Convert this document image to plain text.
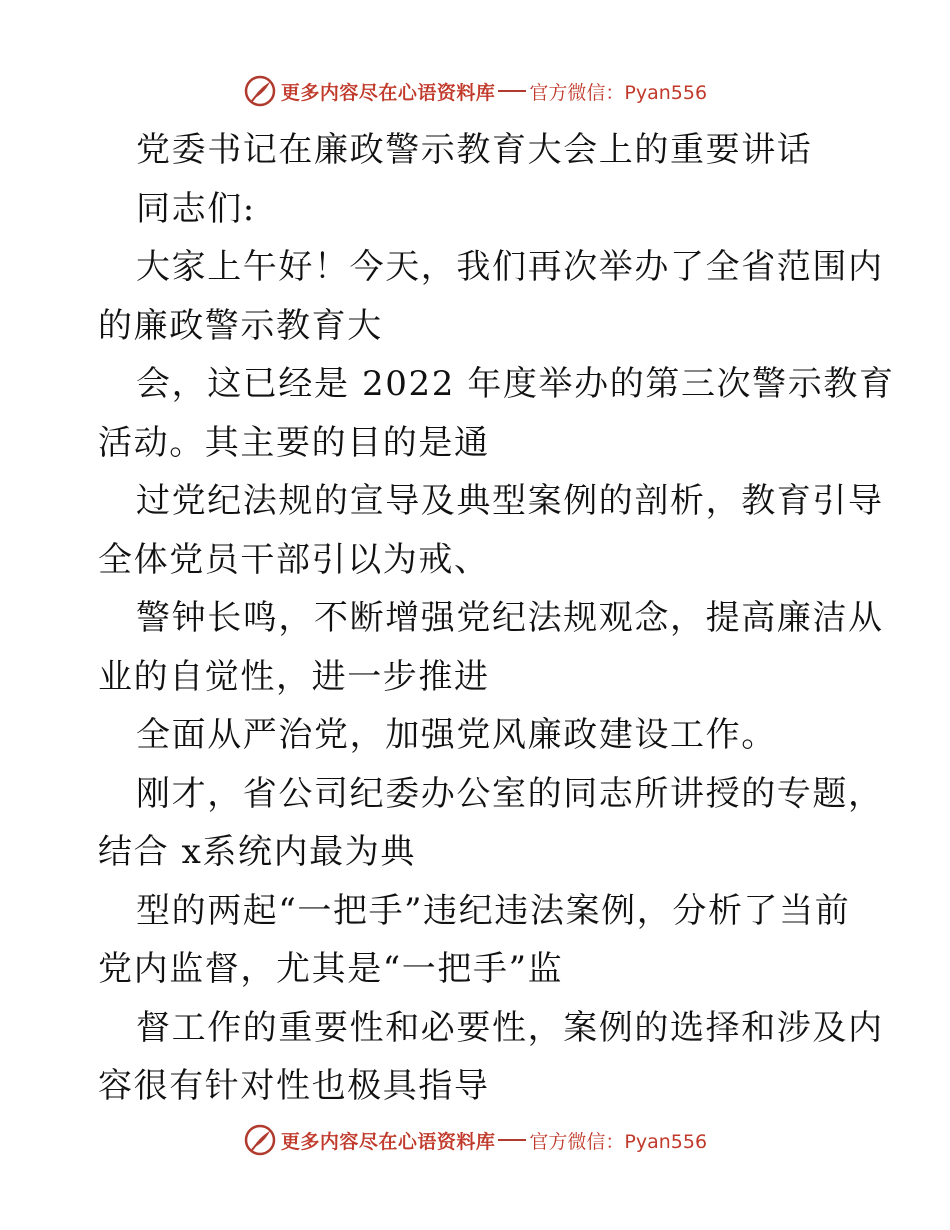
更多内容尽在心语资料库 官方微信：Pyan556
党委书记在廉政警示教育大会上的重要讲话
同志们:
大家上午好！今天，我们再次举办了全省范围内
的廉政警示教育大
会，这已经是 2022 年度举办的第三次警示教育
活动。其主要的目的是通
过党纪法规的宣导及典型案例的剖析，教育引导
全体党员干部引以为戒、
警钟长鸣，不断增强党纪法规观念，提高廉洁从
业的自觉性，进一步推进
全面从严治党，加强党风廉政建设工作。
刚才，省公司纪委办公室的同志所讲授的专题，
结合 x系统内最为典
型的两起“一把手”违纪违法案例，分析了当前
党内监督，尤其是“一把手”监
督工作的重要性和必要性，案例的选择和涉及内
容很有针对性也极具指导
更多内容尽在心语资料库 官方微信：Pyan556
